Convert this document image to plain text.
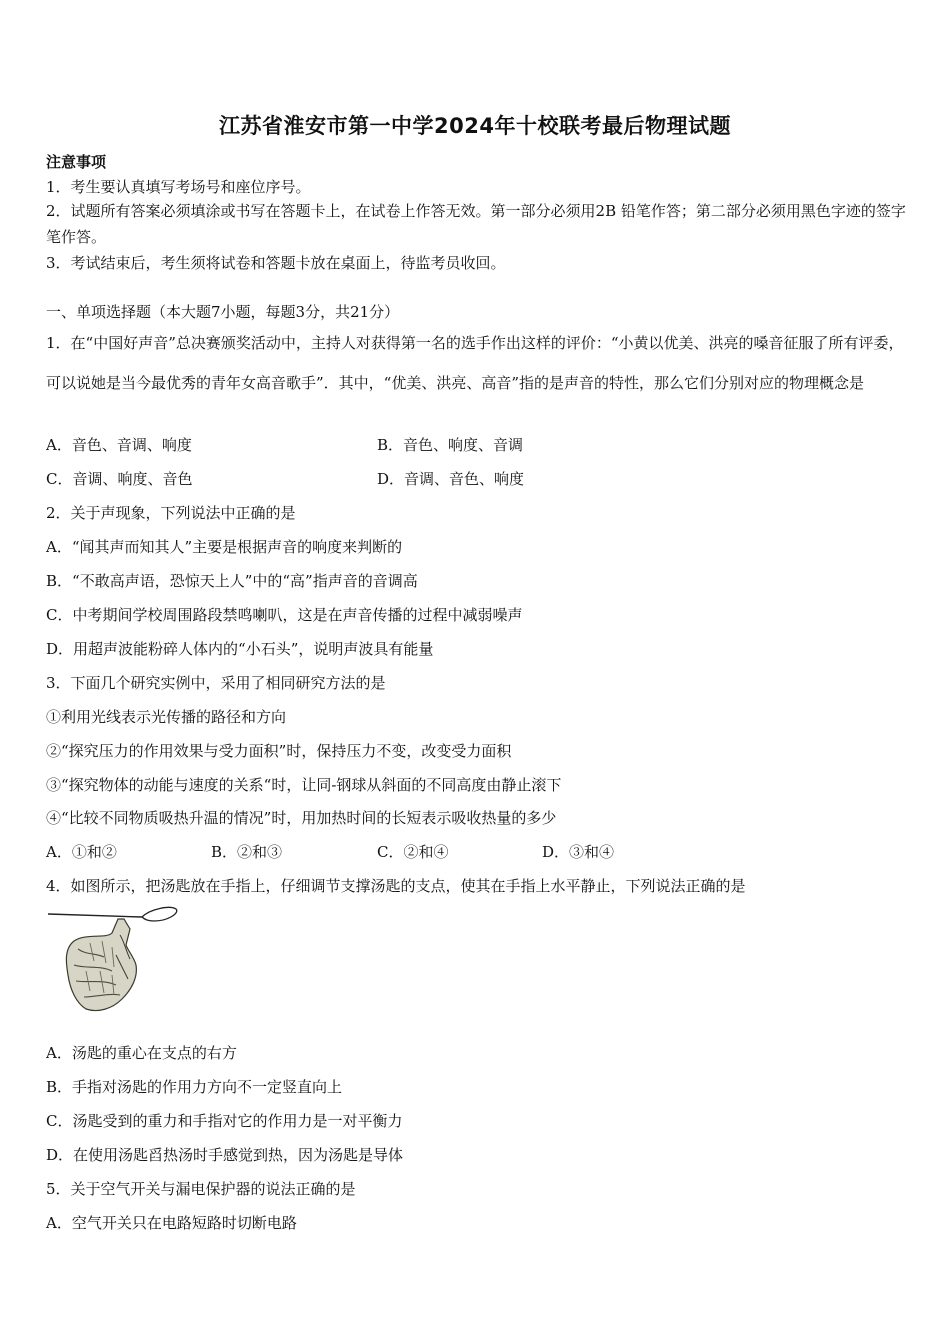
江苏省淮安市第一中学2024年十校联考最后物理试题
注意事项
1．考生要认真填写考场号和座位序号。
2．试题所有答案必须填涂或书写在答题卡上，在试卷上作答无效。第一部分必须用2B 铅笔作答；第二部分必须用黑色字迹的签字笔作答。
3．考试结束后，考生须将试卷和答题卡放在桌面上，待监考员收回。
一、单项选择题（本大题7小题，每题3分，共21分）
1．在“中国好声音”总决赛颁奖活动中，主持人对获得第一名的选手作出这样的评价：“小黄以优美、洪亮的嗓音征服了所有评委，可以说她是当今最优秀的青年女高音歌手”．其中，“优美、洪亮、高音”指的是声音的特性，那么它们分别对应的物理概念是
A．音色、音调、响度	B．音色、响度、音调
C．音调、响度、音色	D．音调、音色、响度
2．关于声现象，下列说法中正确的是
A．“闻其声而知其人”主要是根据声音的响度来判断的
B．“不敢高声语，恐惊天上人”中的“高”指声音的音调高
C．中考期间学校周围路段禁鸣喇叭，这是在声音传播的过程中减弱噪声
D．用超声波能粉碎人体内的“小石头”，说明声波具有能量
3．下面几个研究实例中，采用了相同研究方法的是
①利用光线表示光传播的路径和方向
②“探究压力的作用效果与受力面积”时，保持压力不变，改变受力面积
③“探究物体的动能与速度的关系“时，让同-钢球从斜面的不同高度由静止滚下
④“比较不同物质吸热升温的情况”时，用加热时间的长短表示吸收热量的多少
A．①和②	B．②和③	C．②和④	D．③和④
4．如图所示，把汤匙放在手指上，仔细调节支撑汤匙的支点，使其在手指上水平静止，下列说法正确的是
A．汤匙的重心在支点的右方
B．手指对汤匙的作用力方向不一定竖直向上
C．汤匙受到的重力和手指对它的作用力是一对平衡力
D．在使用汤匙舀热汤时手感觉到热，因为汤匙是导体
5．关于空气开关与漏电保护器的说法正确的是
A．空气开关只在电路短路时切断电路
